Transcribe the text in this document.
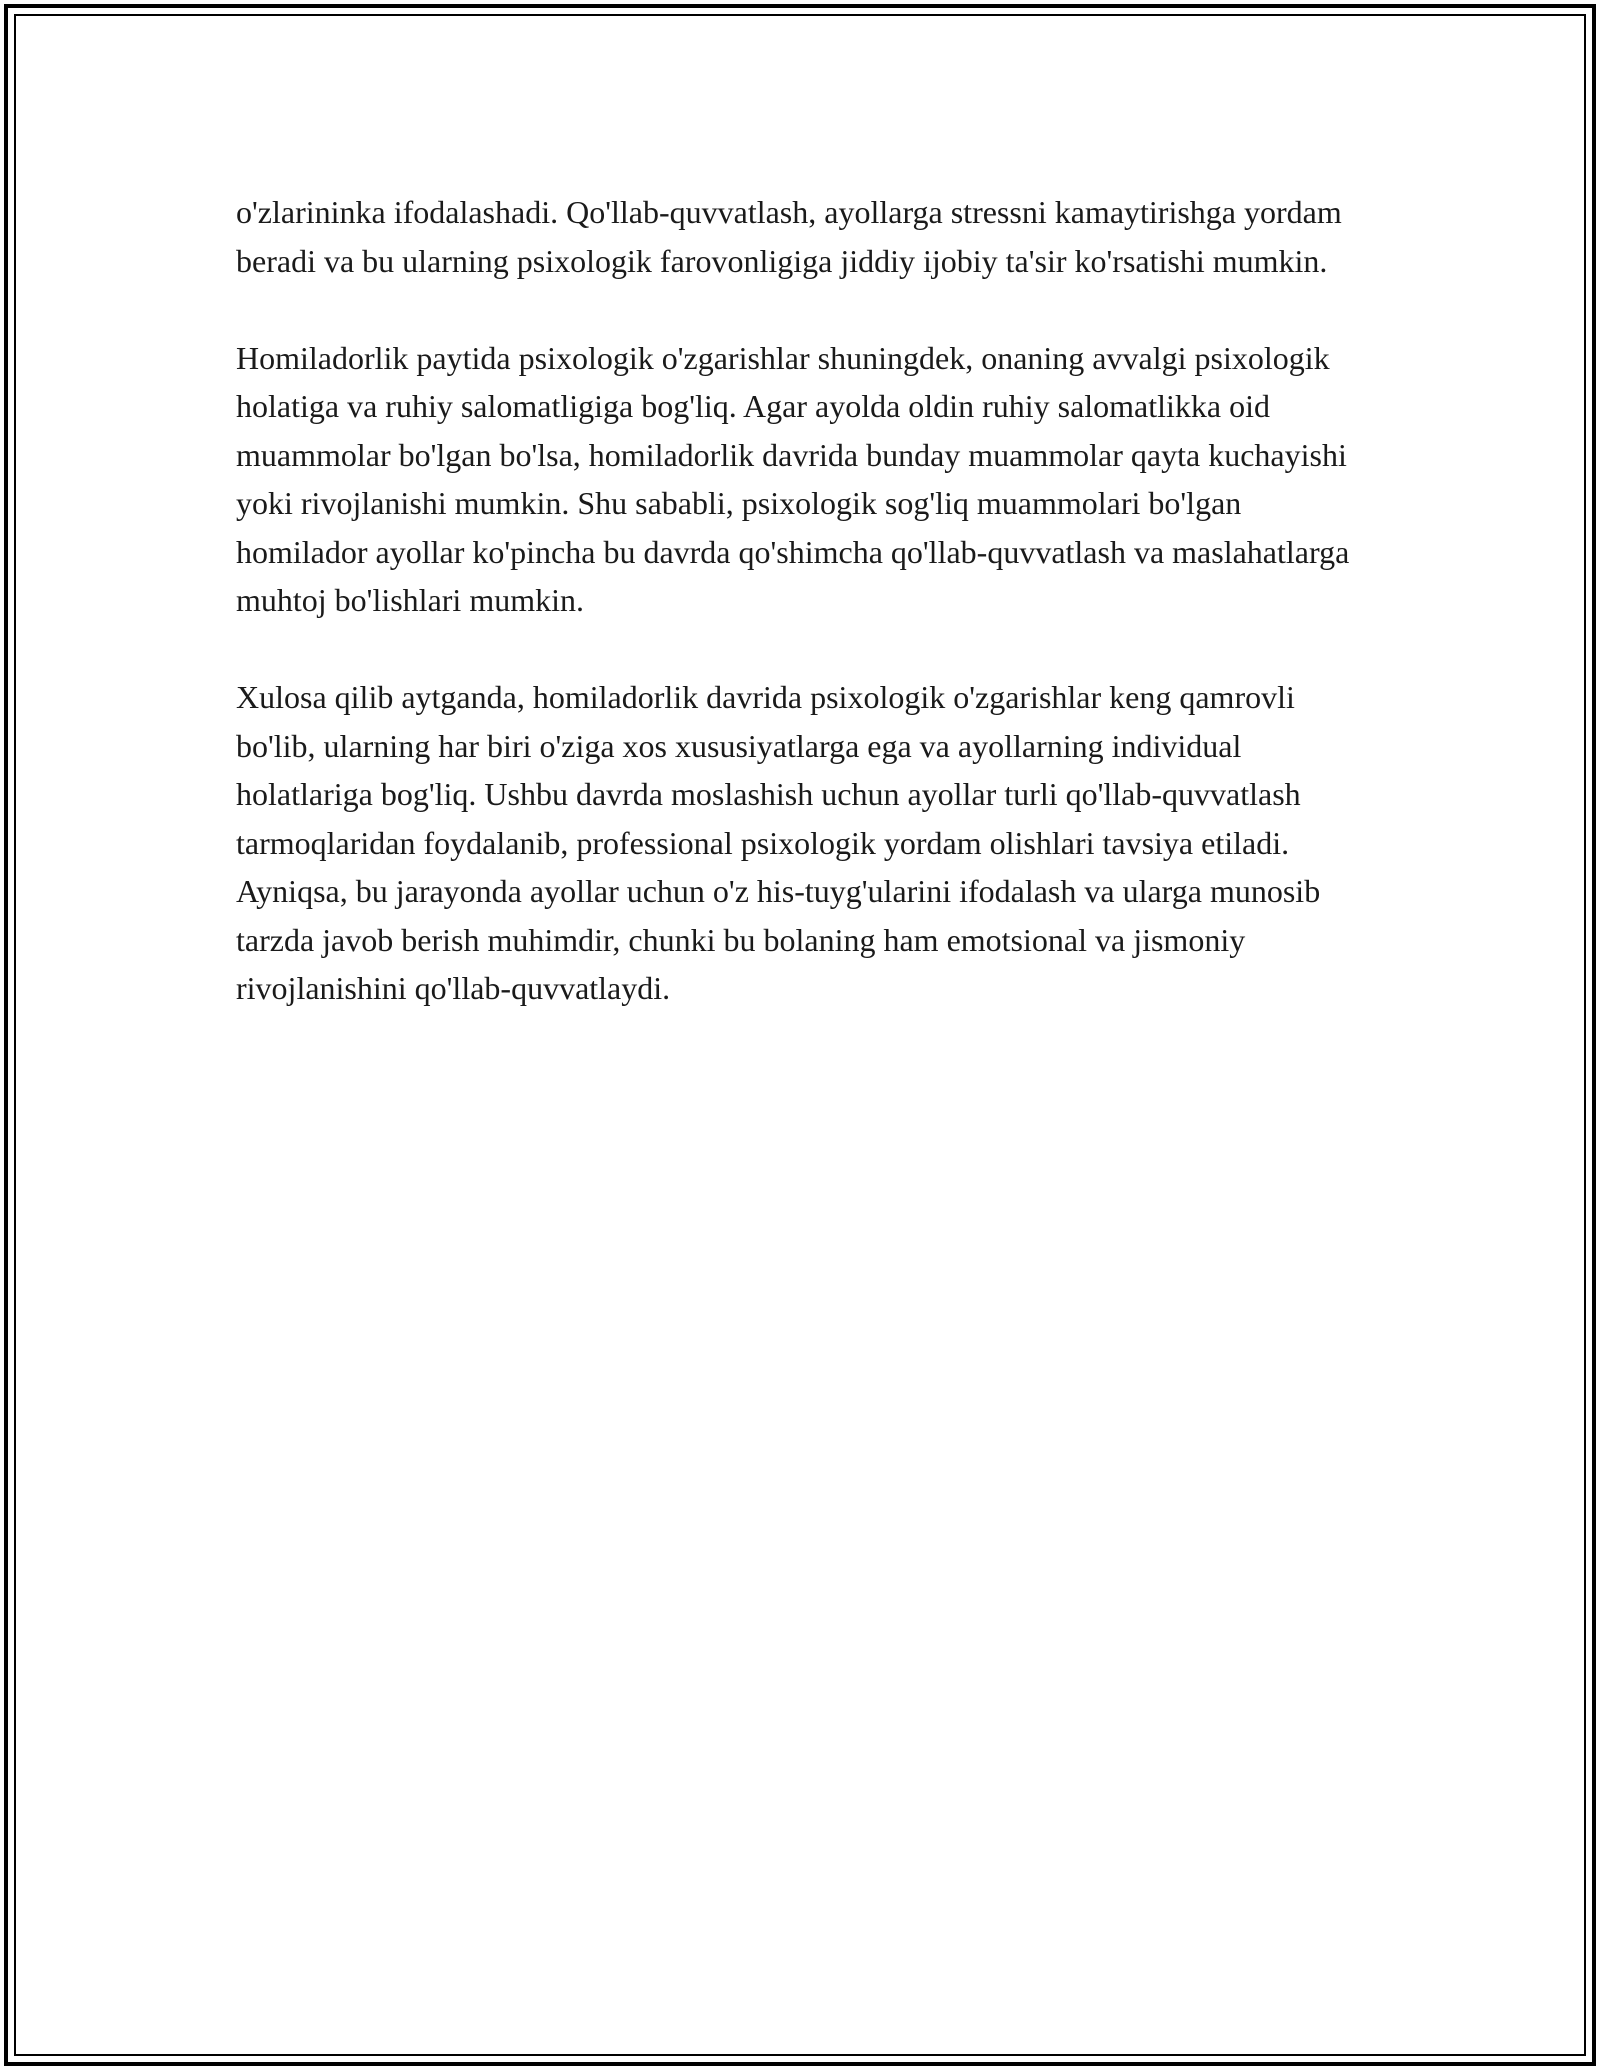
o'zlarininka ifodalashadi. Qo'llab-quvvatlash, ayollarga stressni kamaytirishga yordam beradi va bu ularning psixologik farovonligiga jiddiy ijobiy ta'sir ko'rsatishi mumkin.

Homiladorlik paytida psixologik o'zgarishlar shuningdek, onaning avvalgi psixologik holatiga va ruhiy salomatligiga bog'liq. Agar ayolda oldin ruhiy salomatlikka oid muammolar bo'lgan bo'lsa, homiladorlik davrida bunday muammolar qayta kuchayishi yoki rivojlanishi mumkin. Shu sababli, psixologik sog'liq muammolari bo'lgan homilador ayollar ko'pincha bu davrda qo'shimcha qo'llab-quvvatlash va maslahatlarga muhtoj bo'lishlari mumkin.

Xulosa qilib aytganda, homiladorlik davrida psixologik o'zgarishlar keng qamrovli bo'lib, ularning har biri o'ziga xos xususiyatlarga ega va ayollarning individual holatlariga bog'liq. Ushbu davrda moslashish uchun ayollar turli qo'llab-quvvatlash tarmoqlaridan foydalanib, professional psixologik yordam olishlari tavsiya etiladi. Ayniqsa, bu jarayonda ayollar uchun o'z his-tuyg'ularini ifodalash va ularga munosib tarzda javob berish muhimdir, chunki bu bolaning ham emotsional va jismoniy rivojlanishini qo'llab-quvvatlaydi.
